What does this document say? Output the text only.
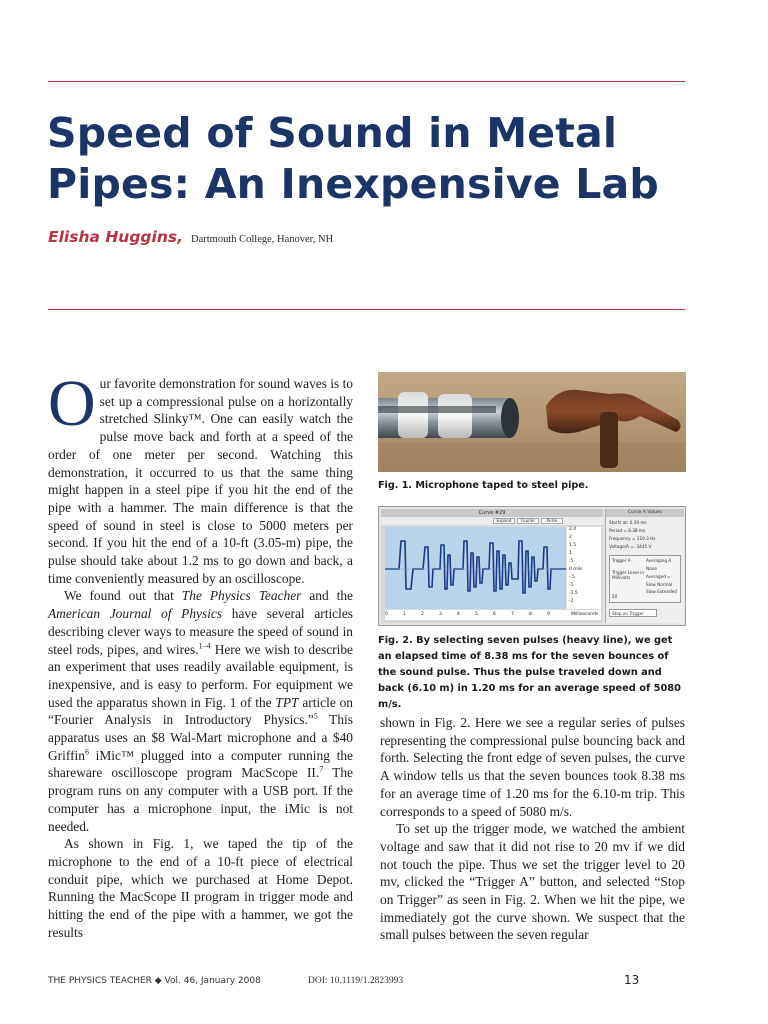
Speed of Sound in Metal Pipes: An Inexpensive Lab
Elisha Huggins, Dartmouth College, Hanover, NH

Our favorite demonstration for sound waves is to set up a compressional pulse on a horizontally stretched Slinky™. One can easily watch the pulse move back and forth at a speed of the order of one meter per second. Watching this demonstration, it occurred to us that the same thing might happen in a steel pipe if you hit the end of the pipe with a hammer. The main difference is that the speed of sound in steel is close to 5000 meters per second. If you hit the end of a 10-ft (3.05-m) pipe, the pulse should take about 1.2 ms to go down and back, a time conveniently measured by an oscilloscope.

We found out that The Physics Teacher and the American Journal of Physics have several articles describing clever ways to measure the speed of sound in steel rods, pipes, and wires.$^{1-4}$ Here we wish to describe an experiment that uses readily available equipment, is inexpensive, and is easy to perform. For equipment we used the apparatus shown in Fig. 1 of the TPT article on “Fourier Analysis in Introductory Physics.”$^5$ This apparatus uses an $8 Wal-Mart microphone and a $40 Griffin$^6$ iMic™ plugged into a computer running the shareware oscilloscope program MacScope II.$^7$ The program runs on any computer with a USB port. If the computer has a microphone input, the iMic is not needed.

As shown in Fig. 1, we taped the tip of the microphone to the end of a 10-ft piece of electrical conduit pipe, which we purchased at Home Depot. Running the MacScope II program in trigger mode and hitting the end of the pipe with a hammer, we got the results

Fig. 1. Microphone taped to steel pipe.

Curve #29
Expand	Fourier	Pulse
2.4
2
1.5
1
.5
0 mils
-.5
-1
-1.5
-2
0	1	2	3	4	5	6	7	8	9	Milliseconds
Curve A Values
Starts at: 0.39 ms
Period = 8.38 ms
Frequency = 119.3 Hz
Voltage/A = .3445 V
Trigger A	Averaging A
None
Trigger Level in Millivolts	Averaged =
Slow Normal
Slow Extended
20
Stop on Trigger

Fig. 2. By selecting seven pulses (heavy line), we get an elapsed time of 8.38 ms for the seven bounces of the sound pulse. Thus the pulse traveled down and back (6.10 m) in 1.20 ms for an average speed of 5080 m/s.

shown in Fig. 2. Here we see a regular series of pulses representing the compressional pulse bouncing back and forth. Selecting the front edge of seven pulses, the curve A window tells us that the seven bounces took 8.38 ms for an average time of 1.20 ms for the 6.10-m trip. This corresponds to a speed of 5080 m/s.

To set up the trigger mode, we watched the ambient voltage and saw that it did not rise to 20 mv if we did not touch the pipe. Thus we set the trigger level to 20 mv, clicked the “Trigger A” button, and selected “Stop on Trigger” as seen in Fig. 2. When we hit the pipe, we immediately got the curve shown. We suspect that the small pulses between the seven regular

THE PHYSICS TEACHER ◆ Vol. 46, January 2008	DOI: 10.1119/1.2823993	13
